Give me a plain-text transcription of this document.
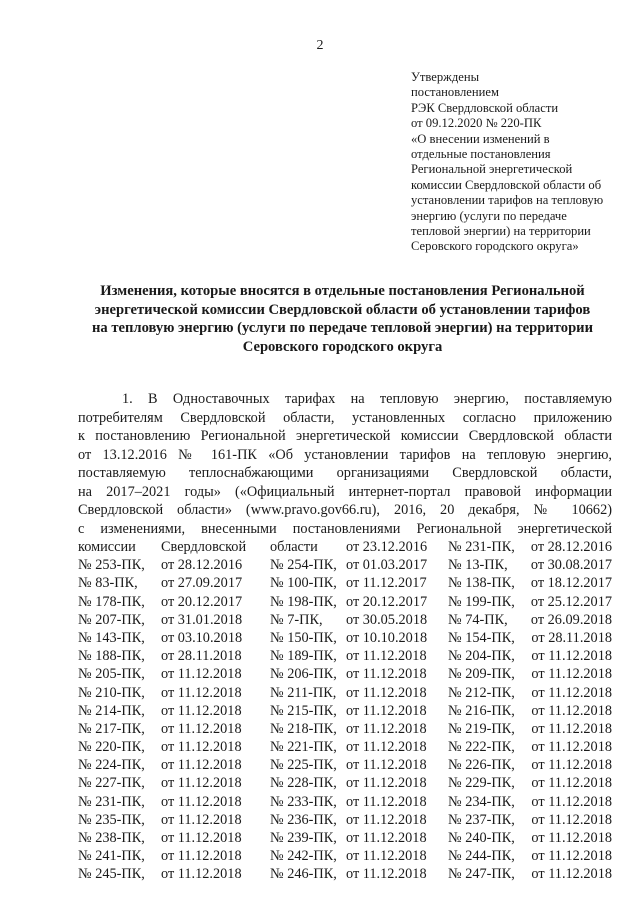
2
Утверждены
постановлением
РЭК Свердловской области
от 09.12.2020 № 220-ПК
«О внесении изменений в
отдельные постановления
Региональной энергетической
комиссии Свердловской области об
установлении тарифов на тепловую
энергию (услуги по передаче
тепловой энергии) на территории
Серовского городского округа»
Изменения, которые вносятся в отдельные постановления Региональной
энергетической комиссии Свердловской области об установлении тарифов
на тепловую энергию (услуги по передаче тепловой энергии) на территории
Серовского городского округа
1. В Одноставочных тарифах на тепловую энергию, поставляемую
потребителям Свердловской области, установленных согласно приложению
к постановлению Региональной энергетической комиссии Свердловской области
от 13.12.2016 № 161-ПК «Об установлении тарифов на тепловую энергию,
поставляемую теплоснабжающими организациями Свердловской области,
на 2017–2021 годы» («Официальный интернет-портал правовой информации
Свердловской области» (www.pravo.gov66.ru), 2016, 20 декабря, № 10662)
с изменениями, внесенными постановлениями Региональной энергетической
комиссии Свердловской области от 23.12.2016 № 231-ПК, от 28.12.2016
№ 253-ПК, от 28.12.2016 № 254-ПК, от 01.03.2017 № 13-ПК, от 30.08.2017
№ 83-ПК, от 27.09.2017 № 100-ПК, от 11.12.2017 № 138-ПК, от 18.12.2017
№ 178-ПК, от 20.12.2017 № 198-ПК, от 20.12.2017 № 199-ПК, от 25.12.2017
№ 207-ПК, от 31.01.2018 № 7-ПК, от 30.05.2018 № 74-ПК, от 26.09.2018
№ 143-ПК, от 03.10.2018 № 150-ПК, от 10.10.2018 № 154-ПК, от 28.11.2018
№ 188-ПК, от 28.11.2018 № 189-ПК, от 11.12.2018 № 204-ПК, от 11.12.2018
№ 205-ПК, от 11.12.2018 № 206-ПК, от 11.12.2018 № 209-ПК, от 11.12.2018
№ 210-ПК, от 11.12.2018 № 211-ПК, от 11.12.2018 № 212-ПК, от 11.12.2018
№ 214-ПК, от 11.12.2018 № 215-ПК, от 11.12.2018 № 216-ПК, от 11.12.2018
№ 217-ПК, от 11.12.2018 № 218-ПК, от 11.12.2018 № 219-ПК, от 11.12.2018
№ 220-ПК, от 11.12.2018 № 221-ПК, от 11.12.2018 № 222-ПК, от 11.12.2018
№ 224-ПК, от 11.12.2018 № 225-ПК, от 11.12.2018 № 226-ПК, от 11.12.2018
№ 227-ПК, от 11.12.2018 № 228-ПК, от 11.12.2018 № 229-ПК, от 11.12.2018
№ 231-ПК, от 11.12.2018 № 233-ПК, от 11.12.2018 № 234-ПК, от 11.12.2018
№ 235-ПК, от 11.12.2018 № 236-ПК, от 11.12.2018 № 237-ПК, от 11.12.2018
№ 238-ПК, от 11.12.2018 № 239-ПК, от 11.12.2018 № 240-ПК, от 11.12.2018
№ 241-ПК, от 11.12.2018 № 242-ПК, от 11.12.2018 № 244-ПК, от 11.12.2018
№ 245-ПК, от 11.12.2018 № 246-ПК, от 11.12.2018 № 247-ПК, от 11.12.2018
